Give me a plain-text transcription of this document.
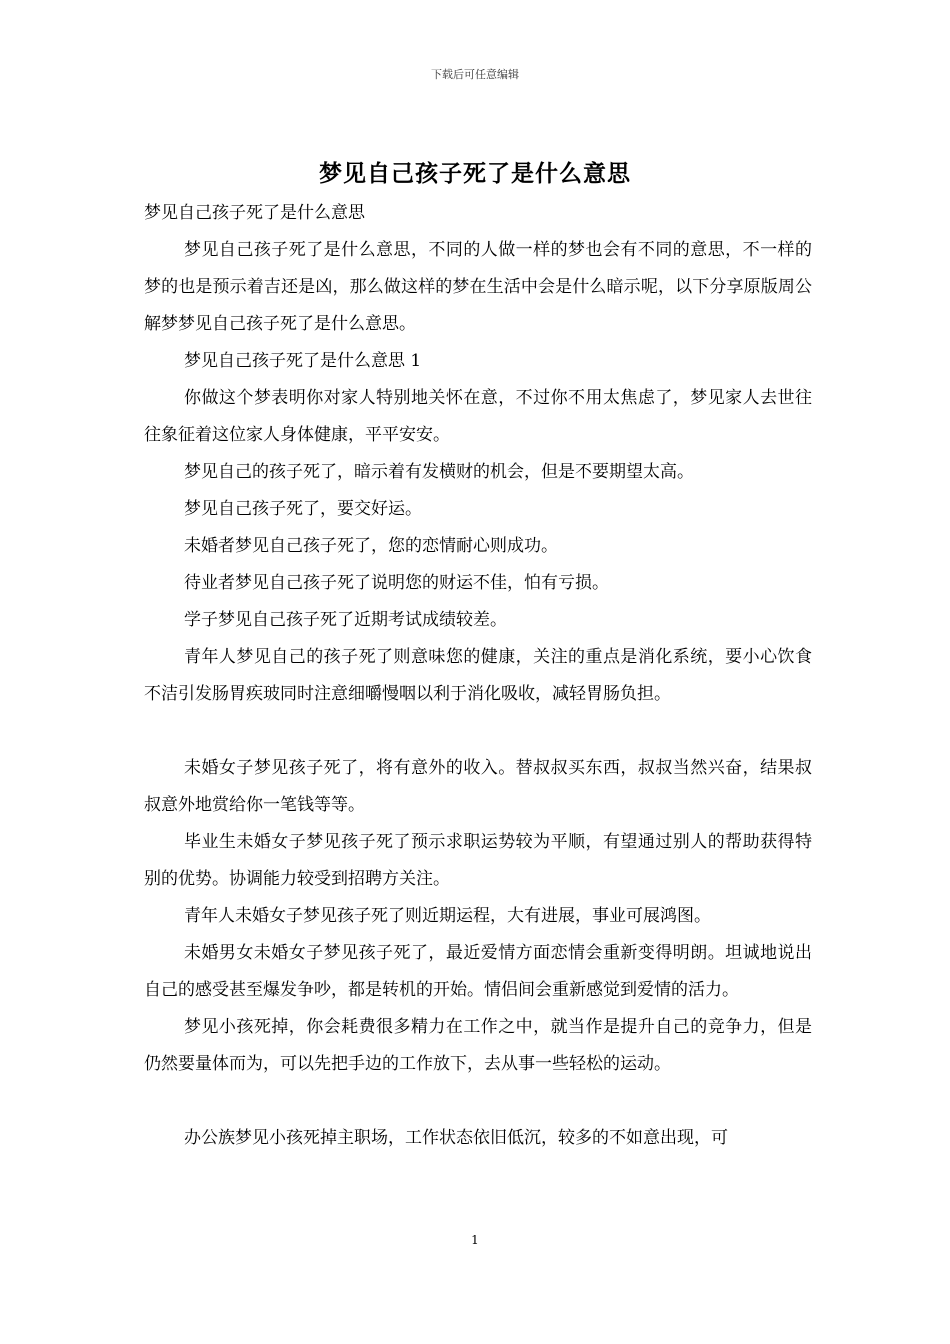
下载后可任意编辑
梦见自己孩子死了是什么意思

梦见自己孩子死了是什么意思

梦见自己孩子死了是什么意思，不同的人做一样的梦也会有不同的意思，不一样的梦的也是预示着吉还是凶，那么做这样的梦在生活中会是什么暗示呢，以下分享原版周公解梦梦见自己孩子死了是什么意思。

梦见自己孩子死了是什么意思 1

你做这个梦表明你对家人特别地关怀在意，不过你不用太焦虑了，梦见家人去世往往象征着这位家人身体健康，平平安安。

梦见自己的孩子死了，暗示着有发横财的机会，但是不要期望太高。

梦见自己孩子死了，要交好运。

未婚者梦见自己孩子死了，您的恋情耐心则成功。

待业者梦见自己孩子死了说明您的财运不佳，怕有亏损。

学子梦见自己孩子死了近期考试成绩较差。

青年人梦见自己的孩子死了则意味您的健康，关注的重点是消化系统，要小心饮食不洁引发肠胃疾玻同时注意细嚼慢咽以利于消化吸收，减轻胃肠负担。

未婚女子梦见孩子死了，将有意外的收入。替叔叔买东西，叔叔当然兴奋，结果叔叔意外地赏给你一笔钱等等。

毕业生未婚女子梦见孩子死了预示求职运势较为平顺，有望通过别人的帮助获得特别的优势。协调能力较受到招聘方关注。

青年人未婚女子梦见孩子死了则近期运程，大有进展，事业可展鸿图。

未婚男女未婚女子梦见孩子死了，最近爱情方面恋情会重新变得明朗。坦诚地说出自己的感受甚至爆发争吵，都是转机的开始。情侣间会重新感觉到爱情的活力。

梦见小孩死掉，你会耗费很多精力在工作之中，就当作是提升自己的竞争力，但是仍然要量体而为，可以先把手边的工作放下，去从事一些轻松的运动。

办公族梦见小孩死掉主职场，工作状态依旧低沉，较多的不如意出现，可

1
